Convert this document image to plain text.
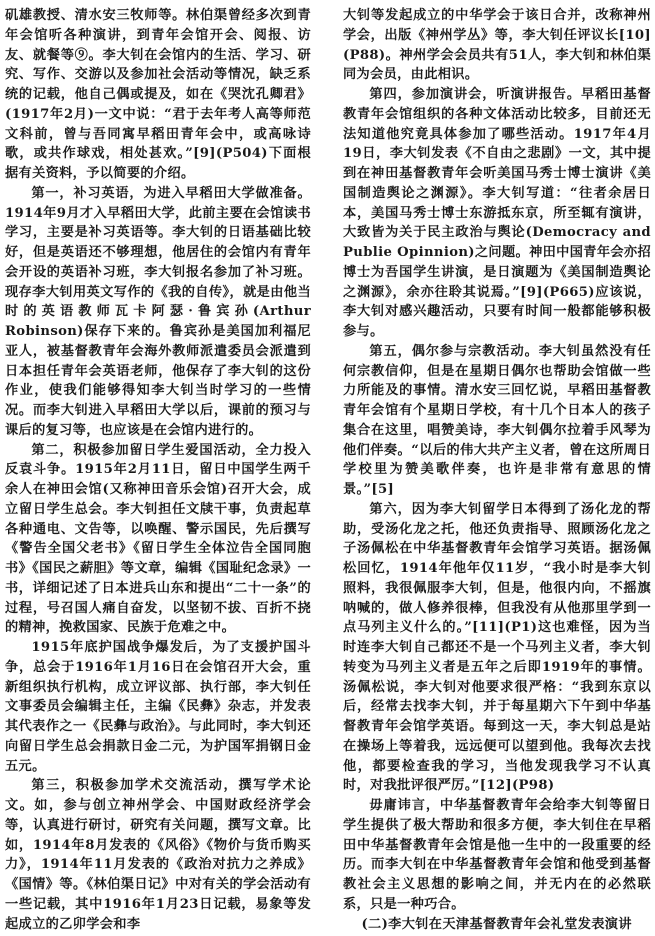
矶雄教授、清水安三牧师等。林伯渠曾经多次到青年会馆听各种演讲，到青年会馆开会、阅报、访友、就餐等⑨。李大钊在会馆内的生活、学习、研究、写作、交游以及参加社会活动等情况，缺乏系统的记载，他自己偶或提及，如在《哭沈孔卿君》(1917年2月)一文中说：“君于去年考人高等师范文科前，曾与吾同寓早稻田青年会中，或高咏诗歌，或共作球戏，相处甚欢。”[9](P504)下面根据有关资料，予以简要的介绍。

第一，补习英语，为进入早稻田大学做准备。1914年9月才入早稻田大学，此前主要在会馆读书学习，主要是补习英语等。李大钊的日语基础比较好，但是英语还不够理想，他居住的会馆内有青年会开设的英语补习班，李大钊报名参加了补习班。现存李大钊用英文写作的《我的自传》，就是由他当时的英语教师瓦卡阿瑟·鲁宾孙(Arthur Robinson)保存下来的。鲁宾孙是美国加利福尼亚人，被基督教青年会海外教师派遣委员会派遣到日本担任青年会英语老师，他保存了李大钊的这份作业，使我们能够得知李大钊当时学习的一些情况。而李大钊进入早稻田大学以后，课前的预习与课后的复习等，也应该是在会馆内进行的。

第二，积极参加留日学生爱国活动，全力投入反袁斗争。1915年2月11日，留日中国学生两千余人在神田会馆(又称神田音乐会馆)召开大会，成立留日学生总会。李大钊担任文牍干事，负责起草各种通电、文告等，以唤醒、警示国民，先后撰写《警告全国父老书》《留日学生全体泣告全国同胞书》《国民之薪胆》等文章，编辑《国耻纪念录》一书，详细记述了日本进兵山东和提出“二十一条”的过程，号召国人痛自奋发，以坚韧不拔、百折不挠的精神，挽救国家、民族于危难之中。

1915年底护国战争爆发后，为了支援护国斗争，总会于1916年1月16日在会馆召开大会，重新组织执行机构，成立评议部、执行部，李大钊任文事委员会编辑主任，主编《民彝》杂志，并发表其代表作之一《民彝与政治》。与此同时，李大钊还向留日学生总会捐款日金二元，为护国军捐钢日金五元。

第三，积极参加学术交流活动，撰写学术论文。如，参与创立神州学会、中国财政经济学会等，认真进行研讨，研究有关问题，撰写文章。比如，1914年8月发表的《风俗》《物价与货币购买力》，1914年11月发表的《政治对抗力之养成》《国情》等。《林伯渠日记》中对有关的学会活动有一些记载，其中1916年1月23日记载，易象等发起成立的乙卯学会和李

大钊等发起成立的中华学会于该日合并，改称神州学会，出版《神州学丛》等，李大钊任评议长[10](P88)。神州学会会员共有51人，李大钊和林伯渠同为会员，由此相识。

第四，参加演讲会，听演讲报告。早稻田基督教青年会馆组织的各种文体活动比较多，目前还无法知道他究竟具体参加了哪些活动。1917年4月19日，李大钊发表《不自由之悲剧》一文，其中提到在神田基督教青年会听美国马秀士博士演讲《美国制造舆论之渊源》。李大钊写道：“往者余居日本，美国马秀士博士东游抵东京，所至辄有演讲，大致皆为关于民主政治与舆论(Democracy and Publie Opinnion)之问题。神田中国青年会亦招博士为吾国学生讲演，是日演题为《美国制造舆论之渊源》，余亦往聆其说焉。”[9](P665)应该说，李大钊对感兴趣活动，只要有时间一般都能够积极参与。

第五，偶尔参与宗教活动。李大钊虽然没有任何宗教信仰，但是在星期日偶尔也帮助会馆做一些力所能及的事情。清水安三回忆说，早稻田基督教青年会馆有个星期日学校，有十几个日本人的孩子集合在这里，唱赞美诗，李大钊偶尔拉着手风琴为他们伴奏。“以后的伟大共产主义者，曾在这所周日学校里为赞美歌伴奏，也许是非常有意思的情景。”[5]

第六，因为李大钊留学日本得到了汤化龙的帮助，受汤化龙之托，他还负责指导、照顾汤化龙之子汤佩松在中华基督教青年会馆学习英语。据汤佩松回忆，1914年他年仅11岁，“我小时是李大钊照料，我很佩服李大钊，但是，他很内向，不摇旗呐喊的，做人修养很棒，但我没有从他那里学到一点马列主义什么的。”[11](P1)这也难怪，因为当时连李大钊自己都还不是一个马列主义者，李大钊转变为马列主义者是五年之后即1919年的事情。汤佩松说，李大钊对他要求很严格：“我到东京以后，经常去找李大钊，并于每星期六下午到中华基督教青年会馆学英语。每到这一天，李大钊总是站在操场上等着我，远远便可以望到他。我每次去找他，都要检查我的学习，当他发现我学习不认真时，对我批评很严厉。”[12](P98)

毋庸讳言，中华基督教青年会给李大钊等留日学生提供了极大帮助和很多方便，李大钊住在早稻田中华基督教青年会馆是他一生中的一段重要的经历。而李大钊在中华基督教青年会馆和他受到基督教社会主义思想的影响之间，并无内在的必然联系，只是一种巧合。

(二)李大钊在天津基督教青年会礼堂发表演讲
